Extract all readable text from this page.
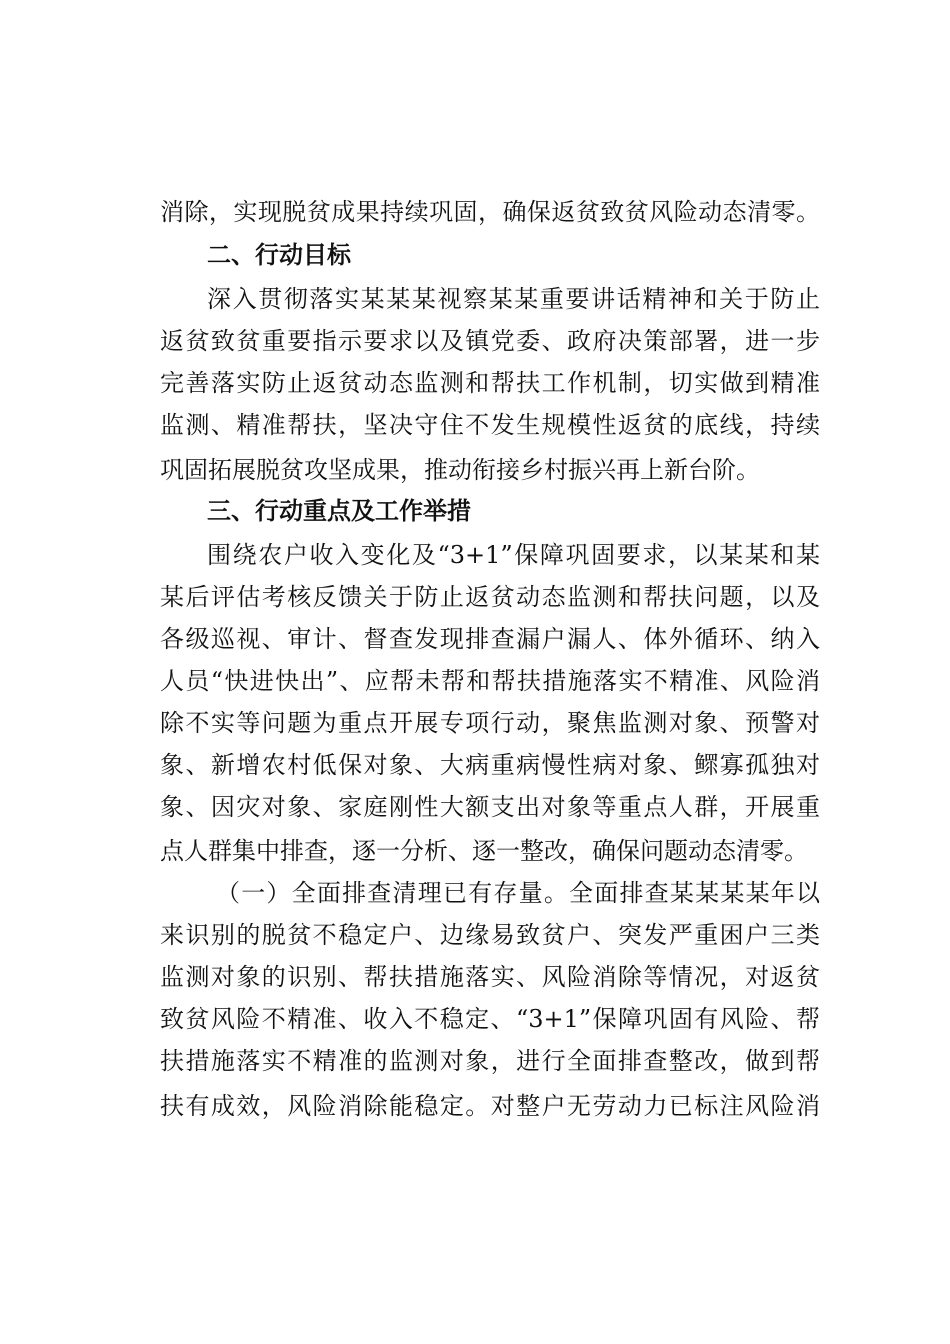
消除，实现脱贫成果持续巩固，确保返贫致贫风险动态清零。
二、行动目标
深入贯彻落实某某某视察某某重要讲话精神和关于防止
返贫致贫重要指示要求以及镇党委、政府决策部署，进一步
完善落实防止返贫动态监测和帮扶工作机制，切实做到精准
监测、精准帮扶，坚决守住不发生规模性返贫的底线，持续
巩固拓展脱贫攻坚成果，推动衔接乡村振兴再上新台阶。
三、行动重点及工作举措
围绕农户收入变化及“3+1”保障巩固要求，以某某和某
某后评估考核反馈关于防止返贫动态监测和帮扶问题，以及
各级巡视、审计、督查发现排查漏户漏人、体外循环、纳入
人员“快进快出”、应帮未帮和帮扶措施落实不精准、风险消
除不实等问题为重点开展专项行动，聚焦监测对象、预警对
象、新增农村低保对象、大病重病慢性病对象、鳏寡孤独对
象、因灾对象、家庭刚性大额支出对象等重点人群，开展重
点人群集中排查，逐一分析、逐一整改，确保问题动态清零。
（一）全面排查清理已有存量。全面排查某某某某年以
来识别的脱贫不稳定户、边缘易致贫户、突发严重困户三类
监测对象的识别、帮扶措施落实、风险消除等情况，对返贫
致贫风险不精准、收入不稳定、“3+1”保障巩固有风险、帮
扶措施落实不精准的监测对象，进行全面排查整改，做到帮
扶有成效，风险消除能稳定。对整户无劳动力已标注风险消
